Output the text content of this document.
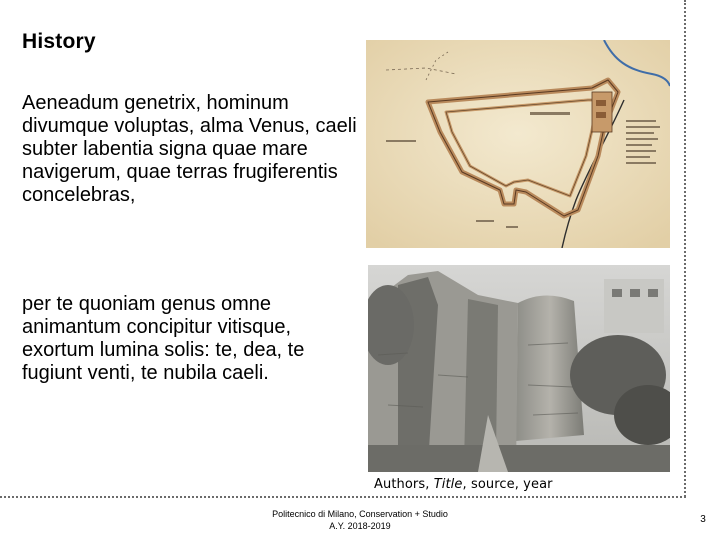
History

Aeneadum genetrix, hominum divumque voluptas, alma Venus, caeli subter labentia signa quae mare navigerum, quae terras frugiferentis concelebras,

per te quoniam genus omne animantum concipitur vitisque, exortum lumina solis: te, dea, te fugiunt venti, te nubila caeli.

Authors, Title, source, year
Politecnico di Milano, Conservation + Studio
A.Y. 2018-2019
3
